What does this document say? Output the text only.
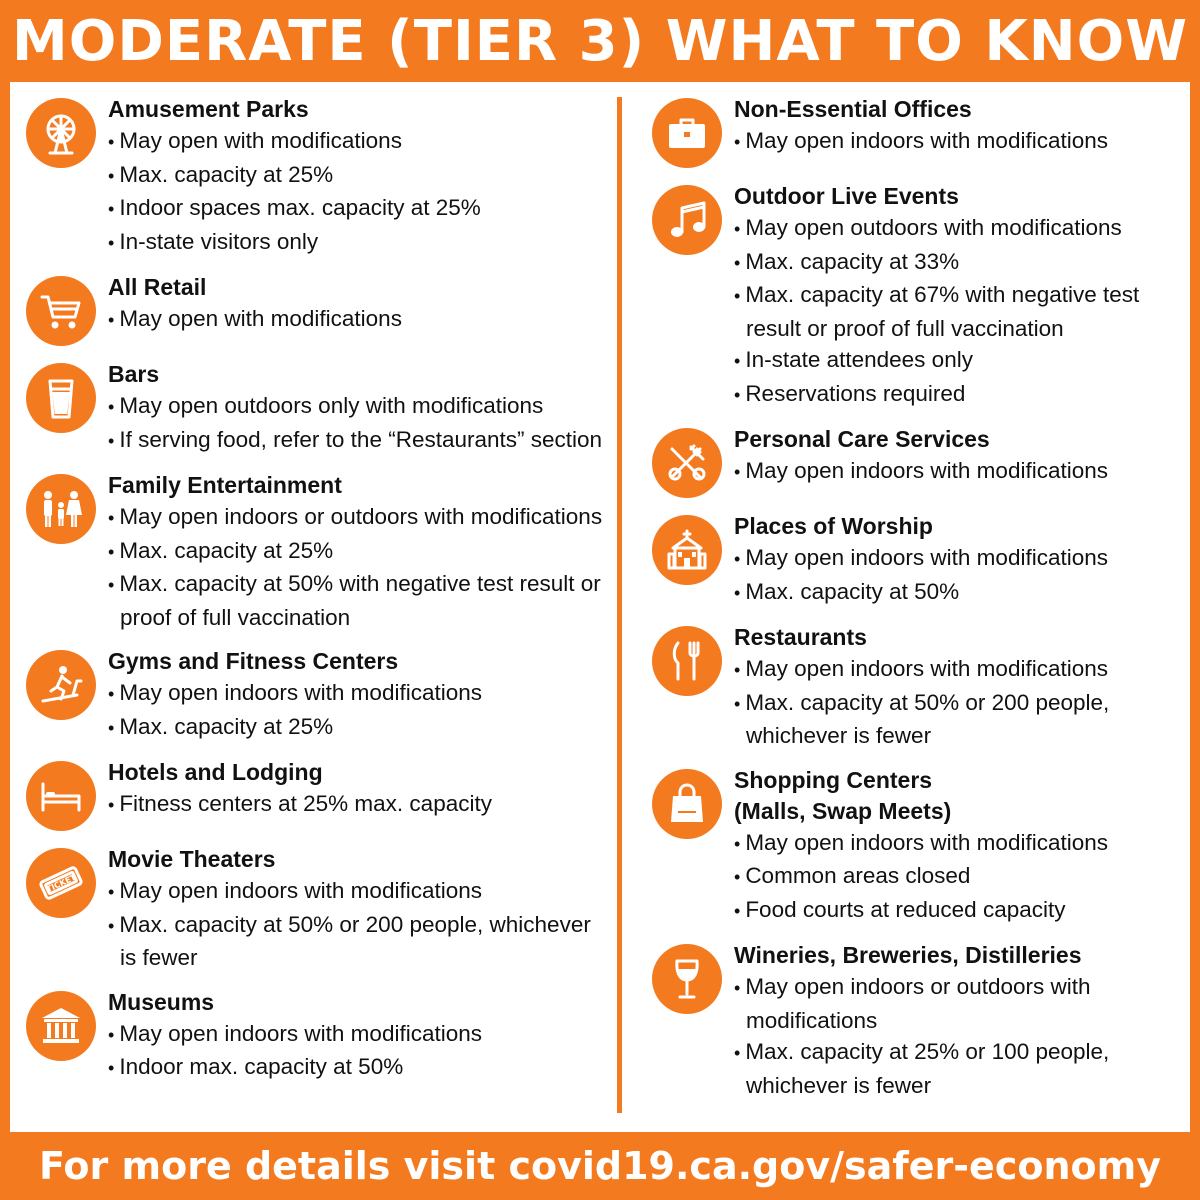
MODERATE (TIER 3) WHAT TO KNOW
Amusement Parks
• May open with modifications
• Max. capacity at 25%
• Indoor spaces max. capacity at 25%
• In-state visitors only
All Retail
• May open with modifications
Bars
• May open outdoors only with modifications
• If serving food, refer to the “Restaurants” section
Family Entertainment
• May open indoors or outdoors with modifications
• Max. capacity at 25%
• Max. capacity at 50% with negative test result or proof of full vaccination
Gyms and Fitness Centers
• May open indoors with modifications
• Max. capacity at 25%
Hotels and Lodging
• Fitness centers at 25% max. capacity
TICKET
Movie Theaters
• May open indoors with modifications
• Max. capacity at 50% or 200 people, whichever is fewer
Museums
• May open indoors with modifications
• Indoor max. capacity at 50%
Non-Essential Offices
• May open indoors with modifications
Outdoor Live Events
• May open outdoors with modifications
• Max. capacity at 33%
• Max. capacity at 67% with negative test result or proof of full vaccination
• In-state attendees only
• Reservations required
Personal Care Services
• May open indoors with modifications
Places of Worship
• May open indoors with modifications
• Max. capacity at 50%
Restaurants
• May open indoors with modifications
• Max. capacity at 50% or 200 people, whichever is fewer
Shopping Centers (Malls, Swap Meets)
• May open indoors with modifications
• Common areas closed
• Food courts at reduced capacity
Wineries, Breweries, Distilleries
• May open indoors or outdoors with modifications
• Max. capacity at 25% or 100 people, whichever is fewer
For more details visit covid19.ca.gov/safer-economy
